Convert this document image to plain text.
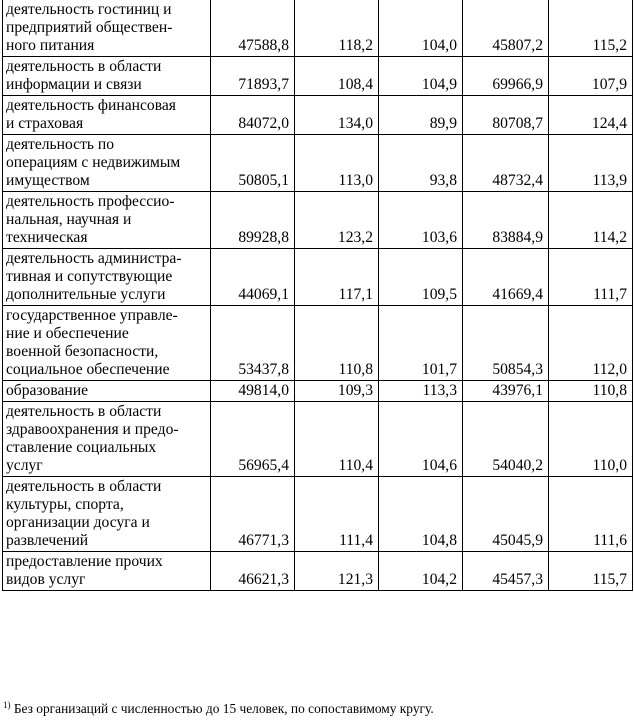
деятельность гостиниц и
предприятий обществен-
ного питания	47588,8	118,2	104,0	45807,2	115,2

деятельность в области
информации и связи	71893,7	108,4	104,9	69966,9	107,9

деятельность финансовая
и страховая	84072,0	134,0	89,9	80708,7	124,4

деятельность по
операциям с недвижимым
имуществом	50805,1	113,0	93,8	48732,4	113,9

деятельность профессио-
нальная, научная и
техническая	89928,8	123,2	103,6	83884,9	114,2

деятельность администра-
тивная и сопутствующие
дополнительные услуги	44069,1	117,1	109,5	41669,4	111,7

государственное управле-
ние и обеспечение
военной безопасности,
социальное обеспечение	53437,8	110,8	101,7	50854,3	112,0

образование	49814,0	109,3	113,3	43976,1	110,8

деятельность в области
здравоохранения и предо-
ставление социальных
услуг	56965,4	110,4	104,6	54040,2	110,0

деятельность в области
культуры, спорта,
организации досуга и
развлечений	46771,3	111,4	104,8	45045,9	111,6

предоставление прочих
видов услуг	46621,3	121,3	104,2	45457,3	115,7
$^{1)}$ Без организаций с численностью до 15 человек, по сопоставимому кругу.
